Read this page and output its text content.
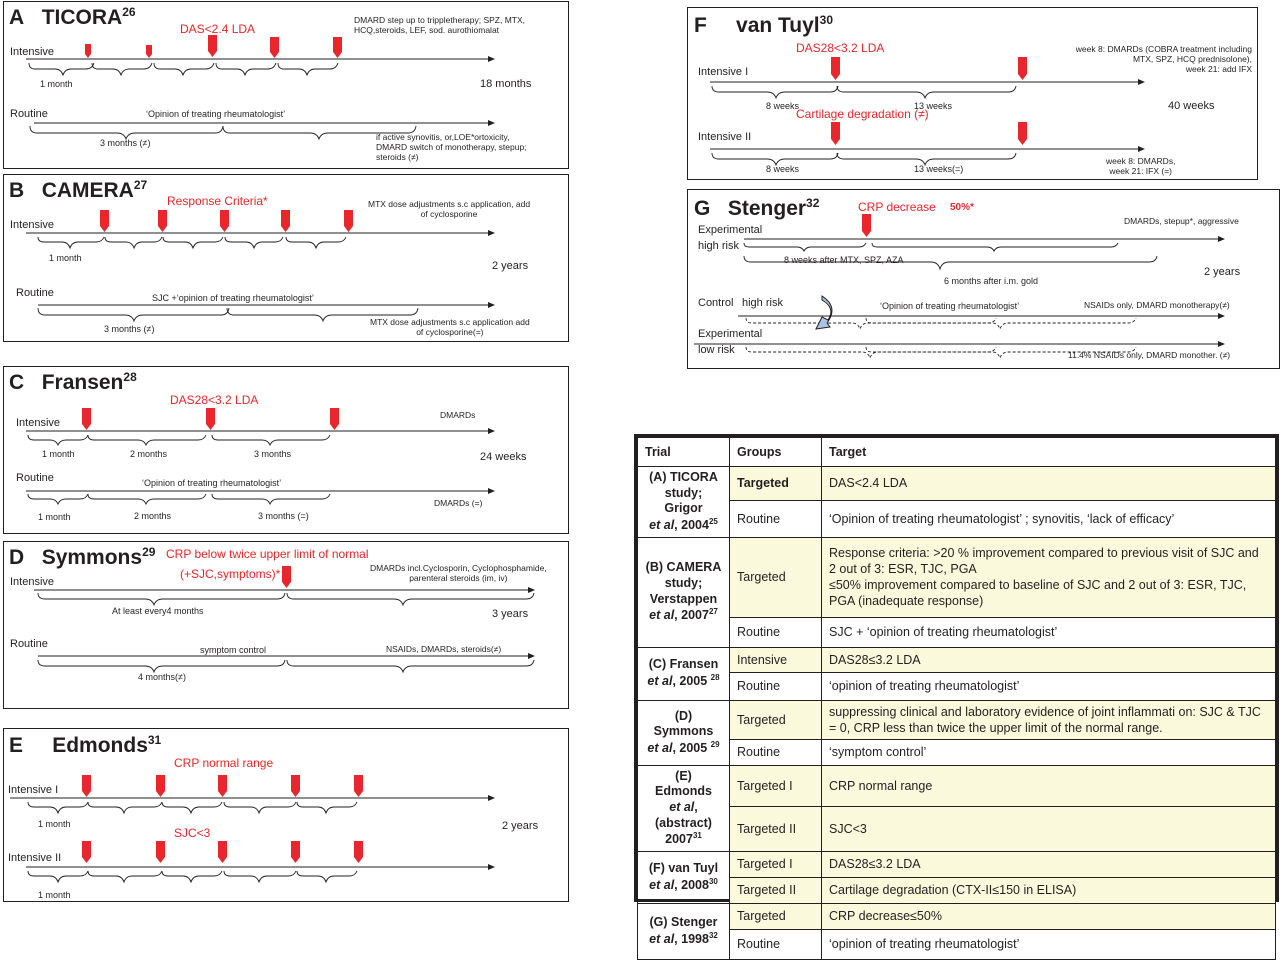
A TICORA$^{26}$
DAS<2.4 LDA
DMARD step up to trippletherapy; SPZ, MTX,
HCQ,steroids, LEF, sod. aurothiomalat
Intensive
18 months
1 month
Routine	‘Opinion of treating rheumatologist’
3 months (≠)
if active synovitis, or,LOE*ortoxicity,
DMARD switch of monotherapy, stepup;
steroids (≠)
B CAMERA$^{27}$
Response Criteria*	MTX dose adjustments s.c application, add
of cyclosporine
Intensive
1 month
2 years
Routine	SJC +‘opinion of treating rheumatologist’
3 months (≠)
MTX dose adjustments s.c application add
of cyclosporine(=)
C Fransen$^{28}$
DAS28<3.2 LDA
DMARDs
Intensive
1 month	2 months	3 months	24 weeks
Routine	‘Opinion of treating rheumatologist’
DMARDs (=)
1 month	2 months	3 months (=)
D Symmons$^{29}$ CRP below twice upper limit of normal
(+SJC,symptoms)*	DMARDs incl.Cyclosporin, Cyclophosphamide,
parenteral steroids (im, iv)
Intensive
At least every4 months	3 years
Routine	symptom control	NSAIDs, DMARDs, steroids(≠)
4 months(≠)
E Edmonds$^{31}$
CRP normal range
Intensive I
1 month	2 years
SJC<3
Intensive II
1 month
F van Tuyl$^{30}$
DAS28<3.2 LDA	week 8: DMARDs (COBRA treatment including
MTX, SPZ, HCQ prednisolone),
week 21: add IFX
Intensive I
8 weeks	13 weeks	40 weeks
Cartilage degradation (≠)
Intensive II
week 8: DMARDs,
week 21: IFX (=)
8 weeks	13 weeks(=)
G Stenger$^{32}$	CRP decrease 50%*
DMARDs, stepup*, aggressive
Experimental
high risk
8 weeks after MTX, SPZ, AZA
6 months after i.m. gold
2 years
Control high risk	‘Opinion of treating rheumatologist’	NSAIDs only, DMARD monotherapy(≠)
Experimental
low risk	11.4% NSAIDs only, DMARD monother. (≠)
Trial	Groups	Target
(A) TICORA
study; Grigor
et al, 2004$^{25}$	Targeted	DAS<2.4 LDA
	Routine	‘Opinion of treating rheumatologist’ ; synovitis, ‘lack of efficacy’
(B) CAMERA
study;
Verstappen
et al, 2007$^{27}$	Targeted	Response criteria: >20 % improvement compared to previous visit of SJC and 2 out of 3: ESR, TJC, PGA
≤50% improvement compared to baseline of SJC and 2 out of 3: ESR, TJC, PGA (inadequate response)
	Routine	SJC + ‘opinion of treating rheumatologist’
(C) Fransen
et al, 2005 $^{28}$	Intensive	DAS28≤3.2 LDA
	Routine	‘opinion of treating rheumatologist’
(D) Symmons
et al, 2005 $^{29}$	Targeted	suppressing clinical and laboratory evidence of joint inflammati on: SJC & TJC = 0, CRP less than twice the upper limit of the normal range.
	Routine	‘symptom control’
(E) Edmonds
et al,
(abstract)
2007$^{31}$	Targeted I	CRP normal range
	Targeted II	SJC<3
(F) van Tuyl
et al, 2008$^{30}$	Targeted I	DAS28≤3.2 LDA
	Targeted II	Cartilage degradation (CTX-II≤150 in ELISA)
(G) Stenger
et al, 1998$^{32}$	Targeted	CRP decrease≤50%
	Routine	‘opinion of treating rheumatologist’
